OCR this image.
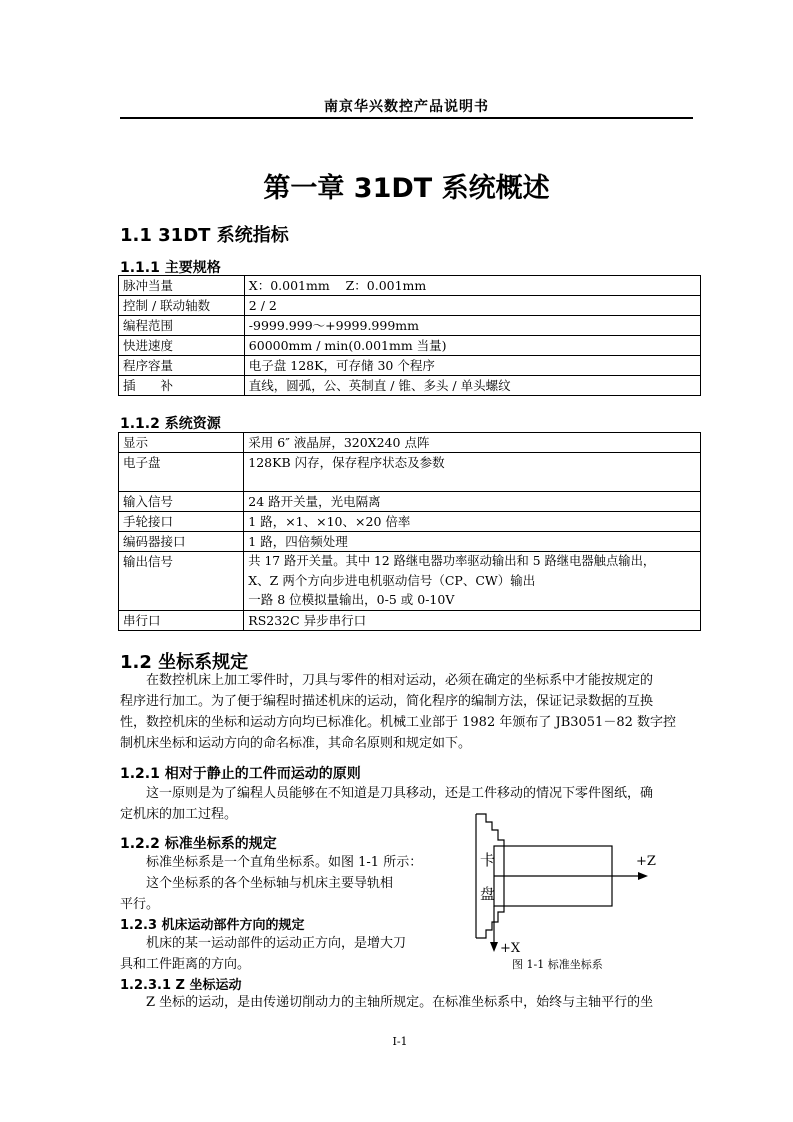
南京华兴数控产品说明书
第一章 31DT 系统概述
1.1 31DT 系统指标
1.1.1 主要规格
脉冲当量	X：0.001mm    Z：0.001mm
控制 / 联动轴数	2 / 2
编程范围	-9999.999～+9999.999mm
快进速度	60000mm / min(0.001mm 当量)
程序容量	电子盘 128K，可存储 30 个程序
插　　补	直线，圆弧，公、英制直 / 锥、多头 / 单头螺纹
1.1.2 系统资源
显示	采用 6″ 液晶屏，320X240 点阵
电子盘	128KB 闪存，保存程序状态及参数
输入信号	24 路开关量，光电隔离
手轮接口	1 路，×1、×10、×20 倍率
编码器接口	1 路，四倍频处理
输出信号	共 17 路开关量。其中 12 路继电器功率驱动输出和 5 路继电器触点输出，
X、Z 两个方向步进电机驱动信号（CP、CW）输出
一路 8 位模拟量输出，0-5 或 0-10V

串行口	RS232C 异步串行口
1.2 坐标系规定
在数控机床上加工零件时，刀具与零件的相对运动，必须在确定的坐标系中才能按规定的
程序进行加工。为了便于编程时描述机床的运动，简化程序的编制方法，保证记录数据的互换
性，数控机床的坐标和运动方向均已标准化。机械工业部于 1982 年颁布了 JB3051－82 数字控
制机床坐标和运动方向的命名标准，其命名原则和规定如下。
1.2.1 相对于静止的工件而运动的原则
这一原则是为了编程人员能够在不知道是刀具移动，还是工件移动的情况下零件图纸，确
定机床的加工过程。
1.2.2 标准坐标系的规定
标准坐标系是一个直角坐标系。如图 1-1 所示：
这个坐标系的各个坐标轴与机床主要导轨相
平行。
1.2.3 机床运动部件方向的规定
机床的某一运动部件的运动正方向，是增大刀
具和工件距离的方向。
1.2.3.1 Z 坐标运动
Z 坐标的运动，是由传递切削动力的主轴所规定。在标准坐标系中，始终与主轴平行的坐
卡
盘
+Z
+X
图 1-1 标准坐标系
I-1
